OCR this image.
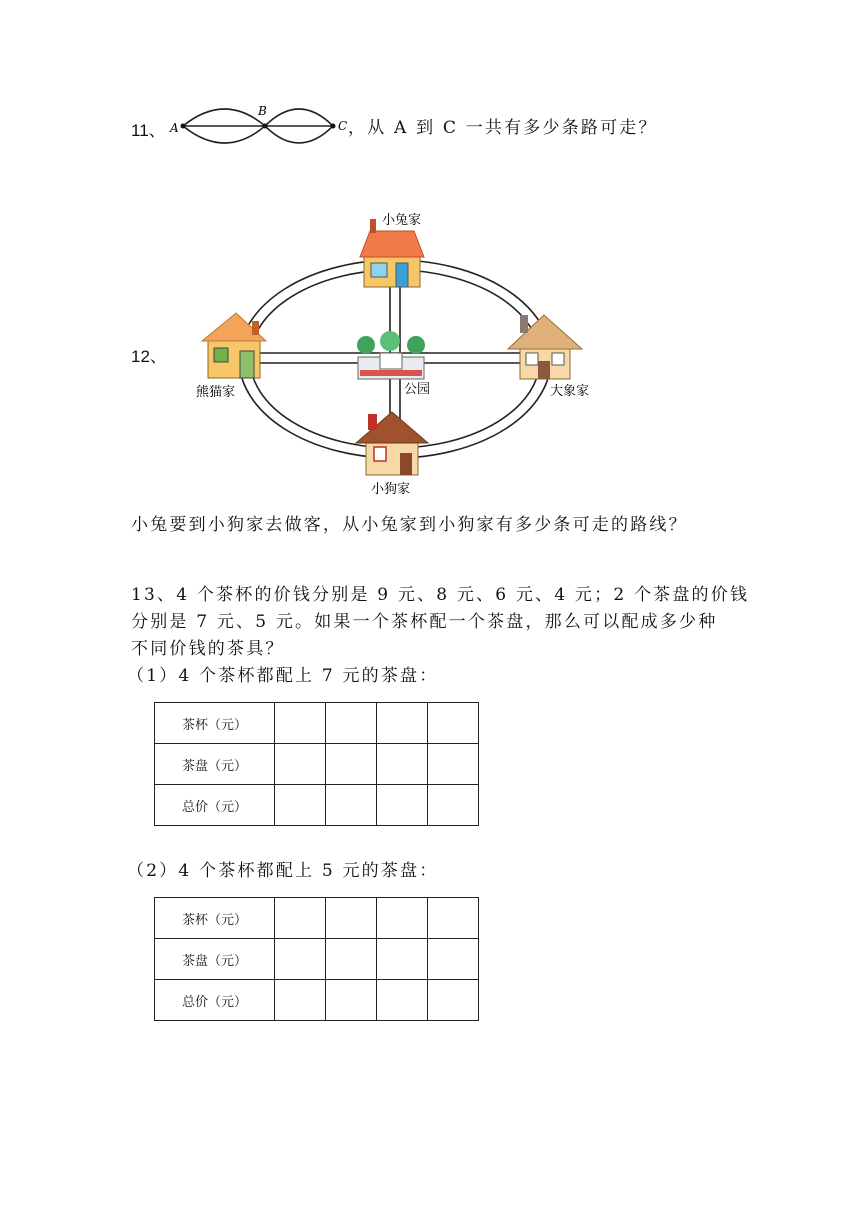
11、 A
B
C ，从 A 到 C 一共有多少条路可走？
12、
小兔家
熊猫家	公园	大象家
小狗家
小兔要到小狗家去做客，从小兔家到小狗家有多少条可走的路线？
13、4 个茶杯的价钱分别是 9 元、8 元、6 元、4 元；2 个茶盘的价钱
分别是 7 元、5 元。如果一个茶杯配一个茶盘，那么可以配成多少种
不同价钱的茶具？
（1）4 个茶杯都配上 7 元的茶盘：
茶杯（元）				
茶盘（元）				
总价（元）				
（2）4 个茶杯都配上 5 元的茶盘：
茶杯（元）				
茶盘（元）				
总价（元）				
